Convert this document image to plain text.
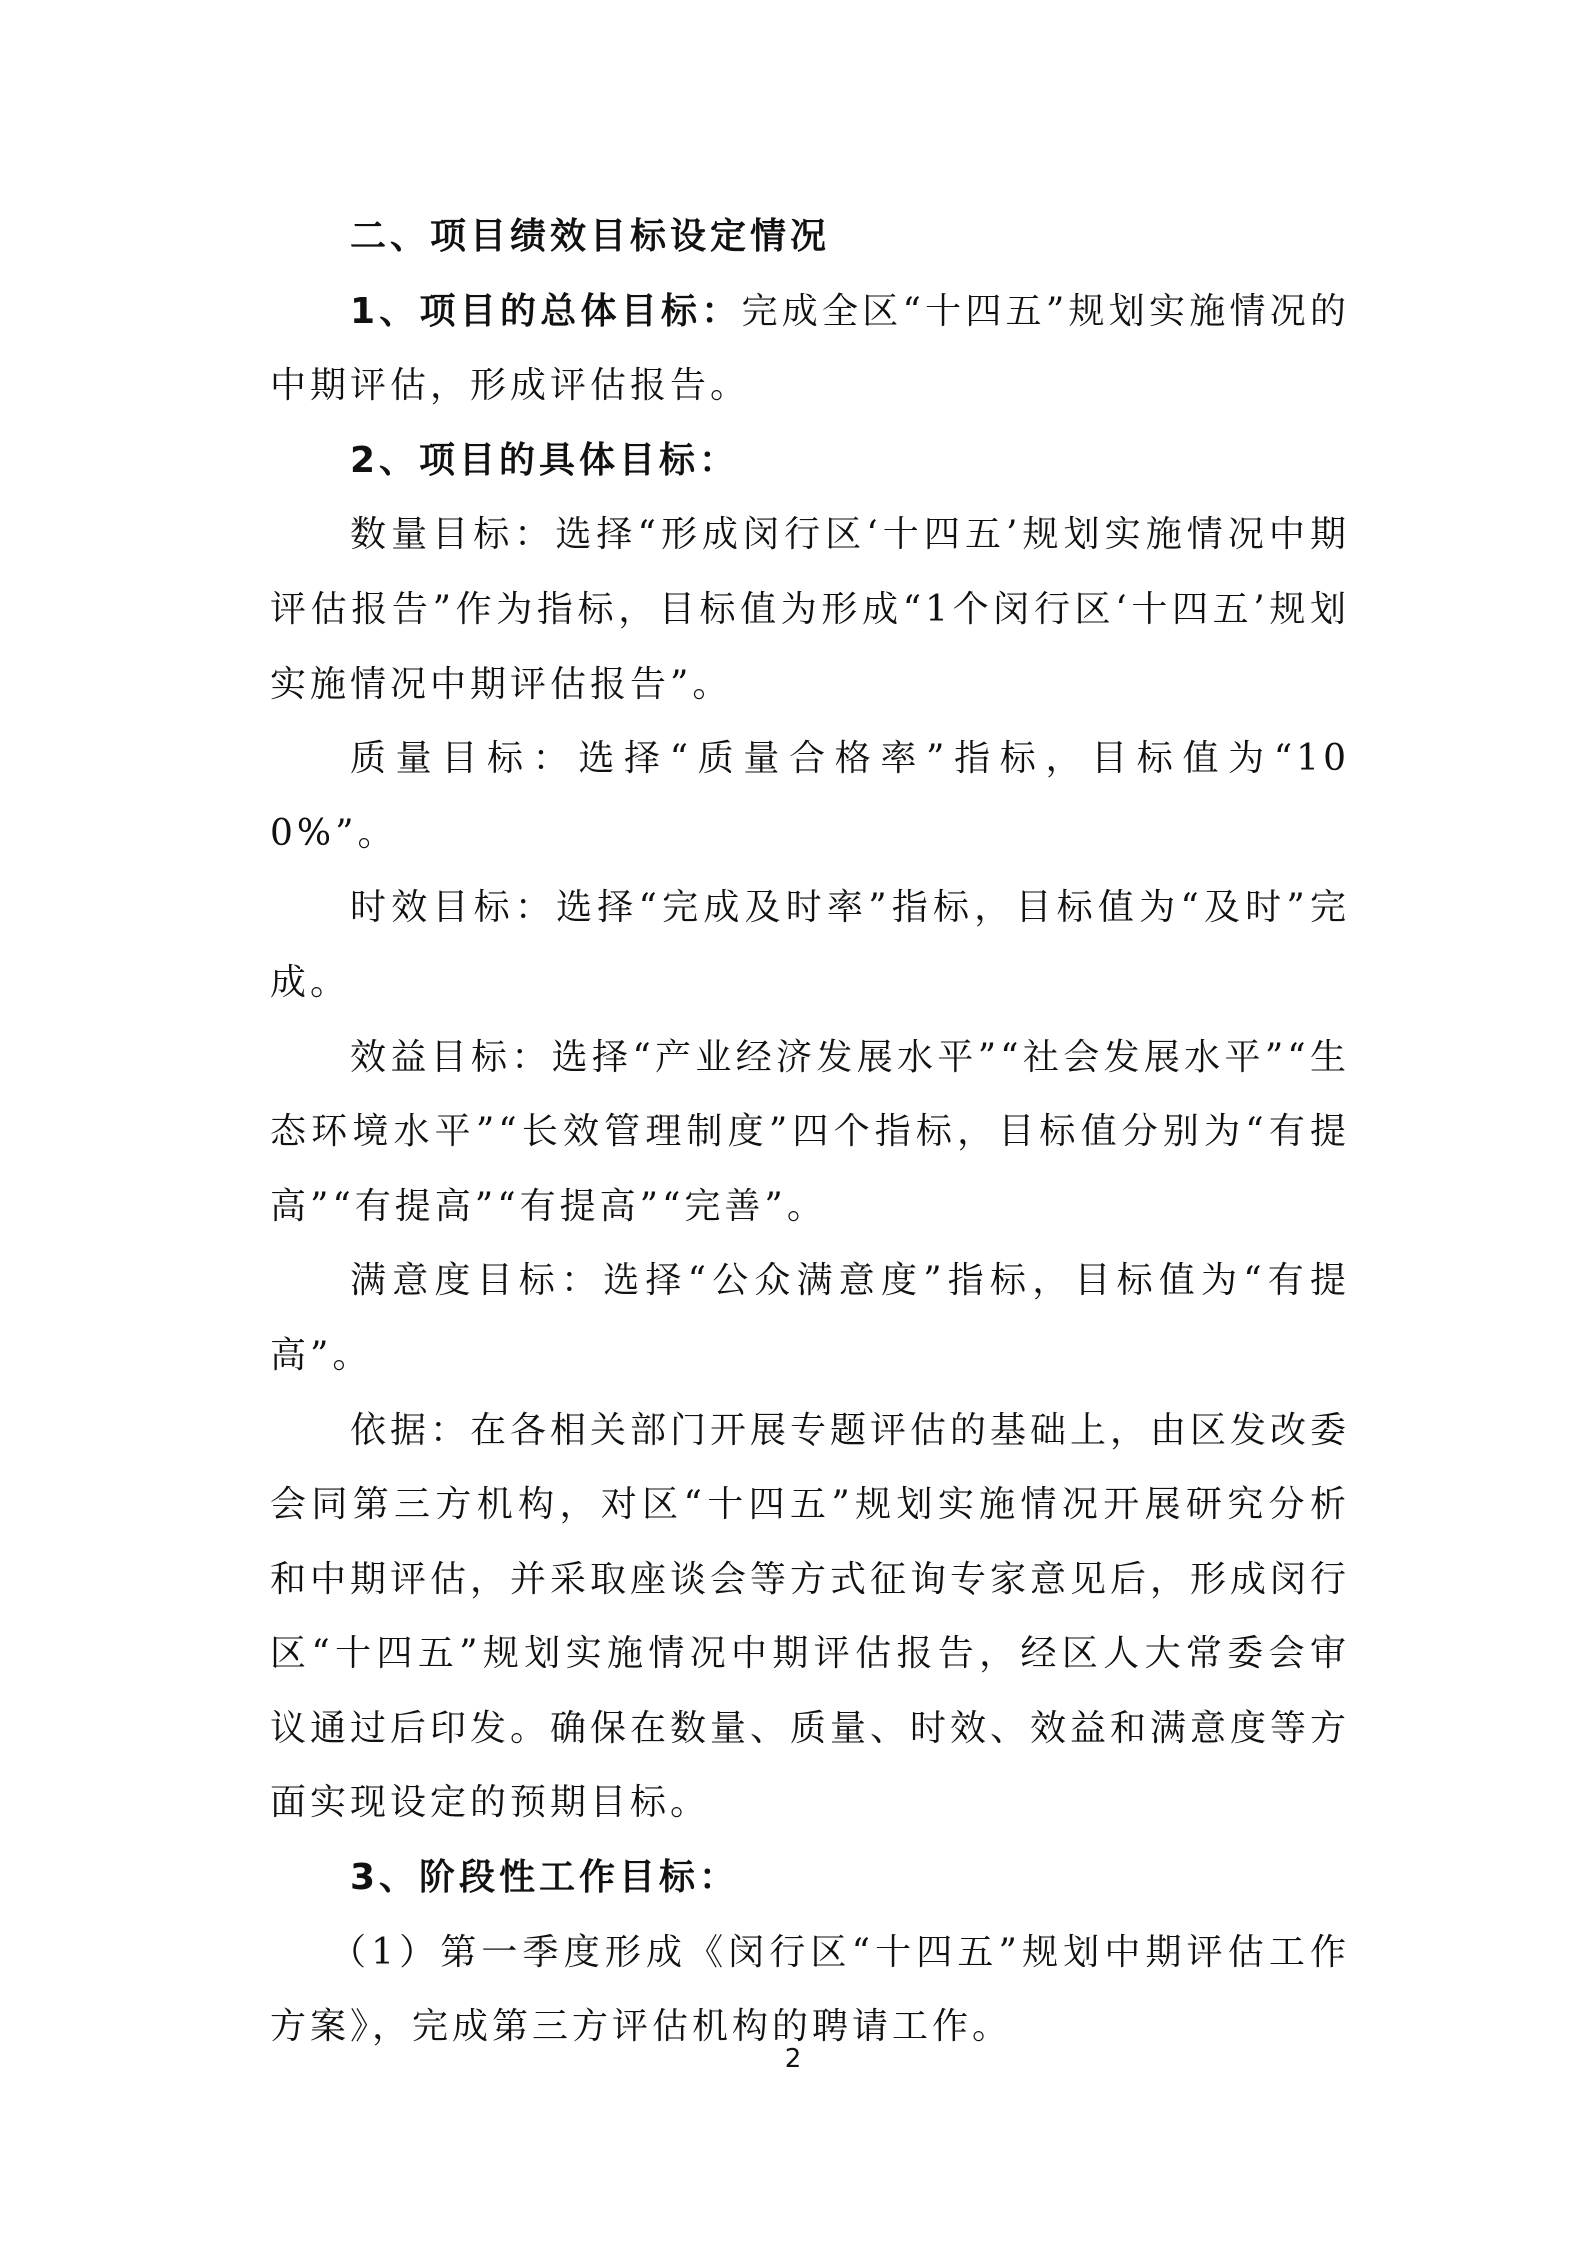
二、项目绩效目标设定情况

1、项目的总体目标：完成全区“十四五”规划实施情况的中期评估，形成评估报告。

2、项目的具体目标：

数量目标：选择“形成闵行区‘十四五’规划实施情况中期评估报告”作为指标，目标值为形成“1个闵行区‘十四五’规划实施情况中期评估报告”。

质量目标：选择“质量合格率”指标，目标值为“100%”。

时效目标：选择“完成及时率”指标，目标值为“及时”完成。

效益目标：选择“产业经济发展水平”“社会发展水平”“生态环境水平”“长效管理制度”四个指标，目标值分别为“有提高”“有提高”“有提高”“完善”。

满意度目标：选择“公众满意度”指标，目标值为“有提高”。

依据：在各相关部门开展专题评估的基础上，由区发改委会同第三方机构，对区“十四五”规划实施情况开展研究分析和中期评估，并采取座谈会等方式征询专家意见后，形成闵行区“十四五”规划实施情况中期评估报告，经区人大常委会审议通过后印发。确保在数量、质量、时效、效益和满意度等方面实现设定的预期目标。

3、阶段性工作目标：

（1）第一季度形成《闵行区“十四五”规划中期评估工作方案》，完成第三方评估机构的聘请工作。

2
